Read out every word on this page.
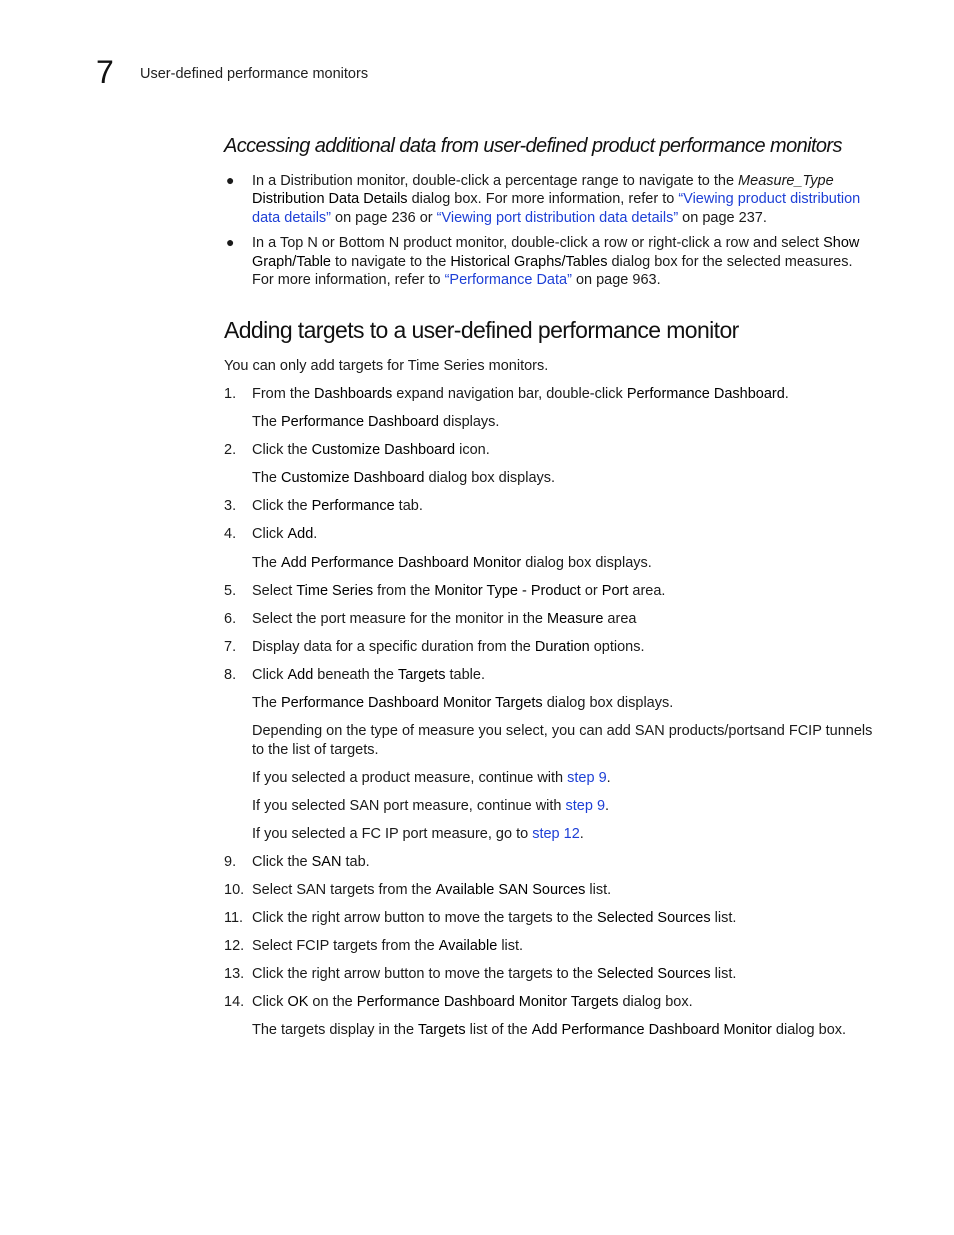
7 User-defined performance monitors
Accessing additional data from user-defined product performance monitors
● In a Distribution monitor, double-click a percentage range to navigate to the Measure_Type Distribution Data Details dialog box. For more information, refer to “Viewing product distribution data details” on page 236 or “Viewing port distribution data details” on page 237.
● In a Top N or Bottom N product monitor, double-click a row or right-click a row and select Show Graph/Table to navigate to the Historical Graphs/Tables dialog box for the selected measures. For more information, refer to “Performance Data” on page 963.
Adding targets to a user-defined performance monitor

You can only add targets for Time Series monitors.

1.	From the Dashboards expand navigation bar, double-click Performance Dashboard.
The Performance Dashboard displays.
2.	Click the Customize Dashboard icon.
The Customize Dashboard dialog box displays.
3.	Click the Performance tab.
4.	Click Add.
The Add Performance Dashboard Monitor dialog box displays.
5.	Select Time Series from the Monitor Type - Product or Port area.
6.	Select the port measure for the monitor in the Measure area
7.	Display data for a specific duration from the Duration options.
8.	Click Add beneath the Targets table.
The Performance Dashboard Monitor Targets dialog box displays.
Depending on the type of measure you select, you can add SAN products/portsand FCIP tunnels to the list of targets.
If you selected a product measure, continue with step 9.
If you selected SAN port measure, continue with step 9.
If you selected a FC IP port measure, go to step 12.
9.	Click the SAN tab.
10. Select SAN targets from the Available SAN Sources list.
11. Click the right arrow button to move the targets to the Selected Sources list.
12. Select FCIP targets from the Available list.
13. Click the right arrow button to move the targets to the Selected Sources list.
14. Click OK on the Performance Dashboard Monitor Targets dialog box.
The targets display in the Targets list of the Add Performance Dashboard Monitor dialog box.
